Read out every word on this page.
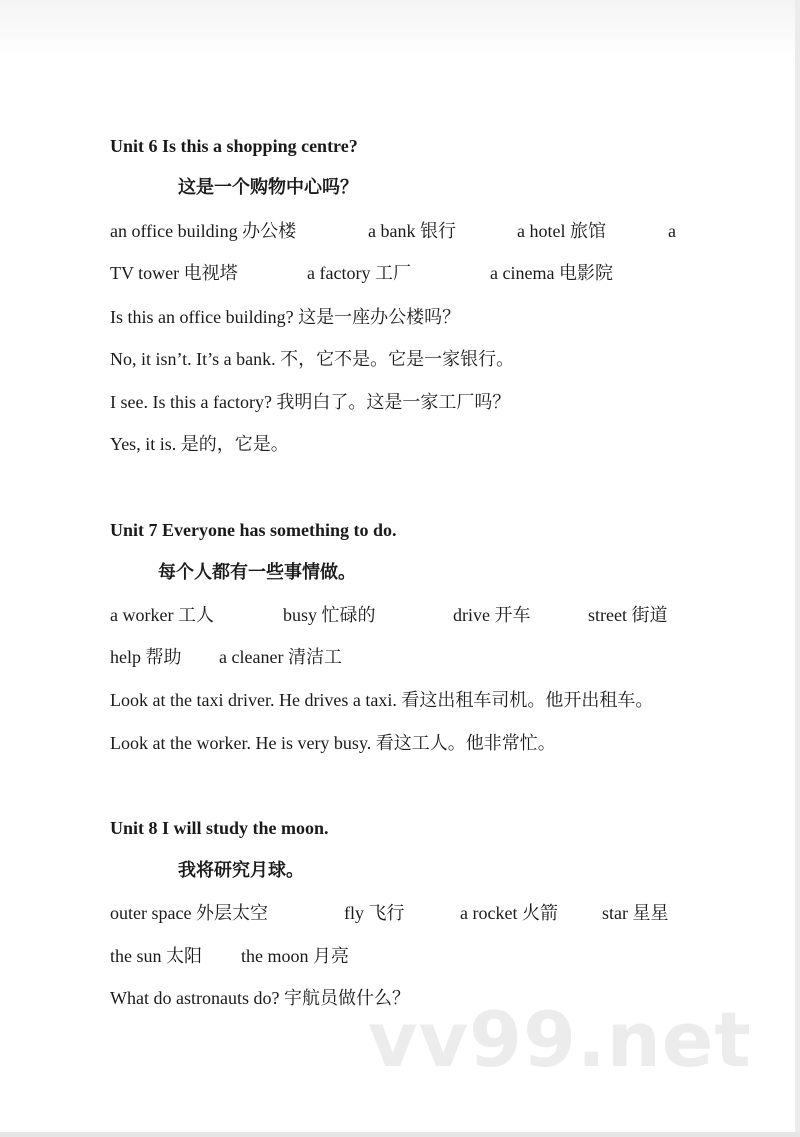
Unit 6 Is this a shopping centre?
这是一个购物中心吗？
an office building 办公楼	a bank 银行	a hotel 旅馆	a
TV tower 电视塔	a factory 工厂	a cinema 电影院
Is this an office building? 这是一座办公楼吗？
No, it isn’t. It’s a bank. 不，它不是。它是一家银行。
I see. Is this a factory? 我明白了。这是一家工厂吗？
Yes, it is. 是的，它是。
Unit 7 Everyone has something to do.
每个人都有一些事情做。
a worker 工人	busy 忙碌的	drive 开车	street 街道
help 帮助 a cleaner 清洁工
Look at the taxi driver. He drives a taxi. 看这出租车司机。他开出租车。
Look at the worker. He is very busy. 看这工人。他非常忙。
Unit 8 I will study the moon.
我将研究月球。
outer space 外层太空	fly 飞行	a rocket 火箭 star 星星
the sun 太阳 the moon 月亮
What do astronauts do? 宇航员做什么？
vv99.net
